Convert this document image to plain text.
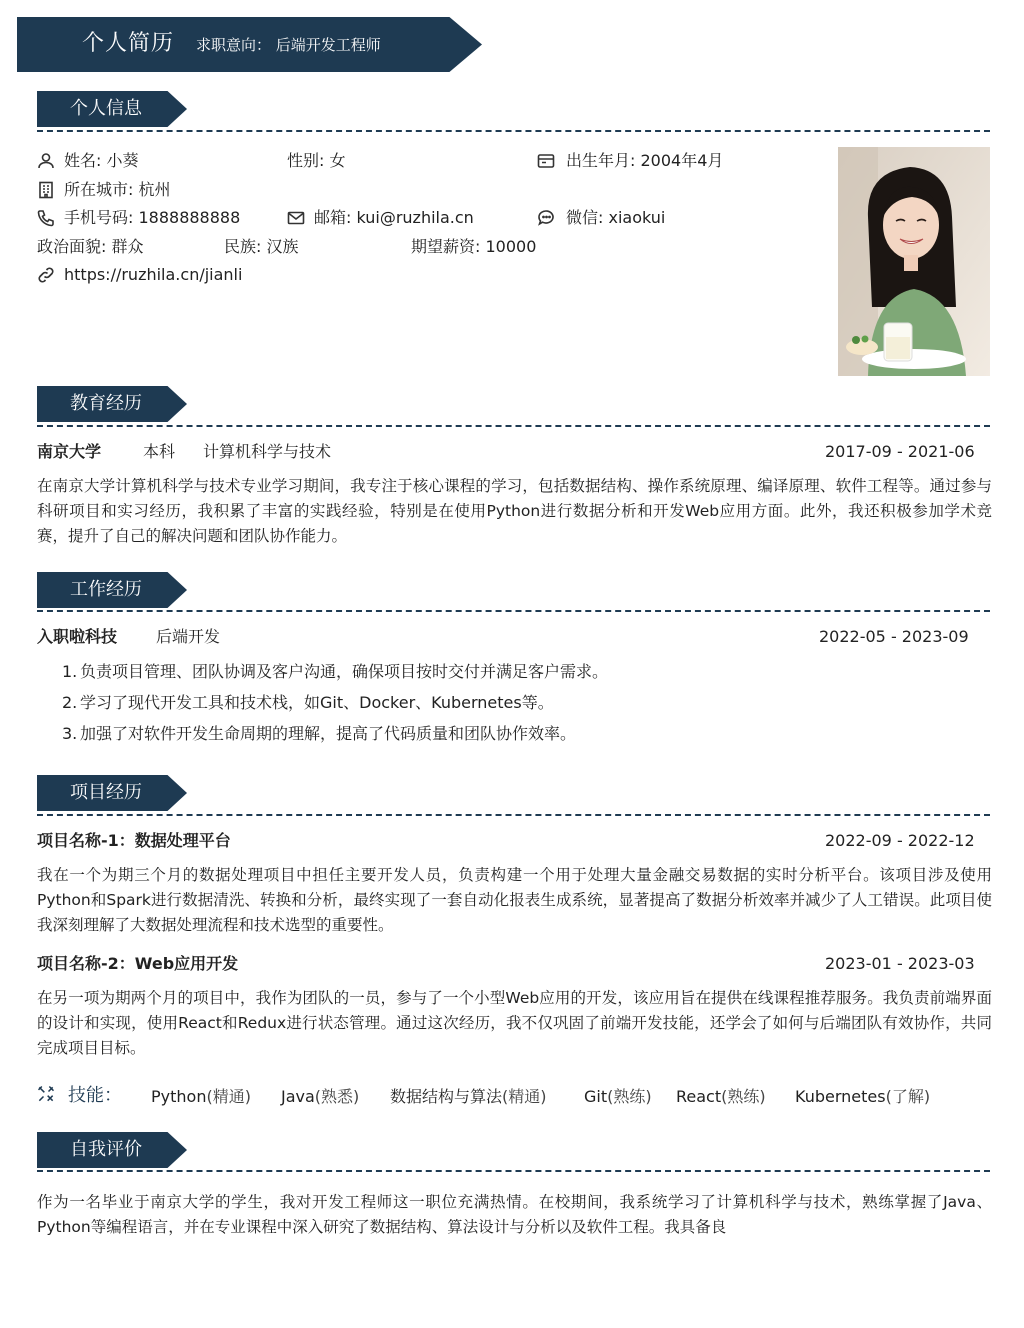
个人简历 求职意向： 后端开发工程师
个人信息
姓名: 小葵	性别: 女	出生年月: 2004年4月
所在城市: 杭州
手机号码: 1888888888	邮箱: kui@ruzhila.cn	微信: xiaokui
政治面貌: 群众	民族: 汉族	期望薪资: 10000
https://ruzhila.cn/jianli
教育经历
南京大学	本科 计算机科学与技术	2017-09 - 2021-06
在南京大学计算机科学与技术专业学习期间，我专注于核心课程的学习，包括数据结构、操作系统原理、编译原理、软件工程等。通过参与科研项目和实习经历，我积累了丰富的实践经验，特别是在使用Python进行数据分析和开发Web应用方面。此外，我还积极参加学术竞赛，提升了自己的解决问题和团队协作能力。
工作经历
入职啦科技 后端开发	2022-05 - 2023-09
1. 负责项目管理、团队协调及客户沟通，确保项目按时交付并满足客户需求。
2. 学习了现代开发工具和技术栈，如Git、Docker、Kubernetes等。
3. 加强了对软件开发生命周期的理解，提高了代码质量和团队协作效率。
项目经历
项目名称-1：数据处理平台	2022-09 - 2022-12
我在一个为期三个月的数据处理项目中担任主要开发人员，负责构建一个用于处理大量金融交易数据的实时分析平台。该项目涉及使用Python和Spark进行数据清洗、转换和分析，最终实现了一套自动化报表生成系统，显著提高了数据分析效率并减少了人工错误。此项目使我深刻理解了大数据处理流程和技术选型的重要性。
项目名称-2：Web应用开发	2023-01 - 2023-03
在另一项为期两个月的项目中，我作为团队的一员，参与了一个小型Web应用的开发，该应用旨在提供在线课程推荐服务。我负责前端界面的设计和实现，使用React和Redux进行状态管理。通过这次经历，我不仅巩固了前端开发技能，还学会了如何与后端团队有效协作，共同完成项目目标。
技能： Python(精通) Java(熟悉) 数据结构与算法(精通) Git(熟练) React(熟练) Kubernetes(了解)
自我评价
作为一名毕业于南京大学的学生，我对开发工程师这一职位充满热情。在校期间，我系统学习了计算机科学与技术，熟练掌握了Java、Python等编程语言，并在专业课程中深入研究了数据结构、算法设计与分析以及软件工程。我具备良
